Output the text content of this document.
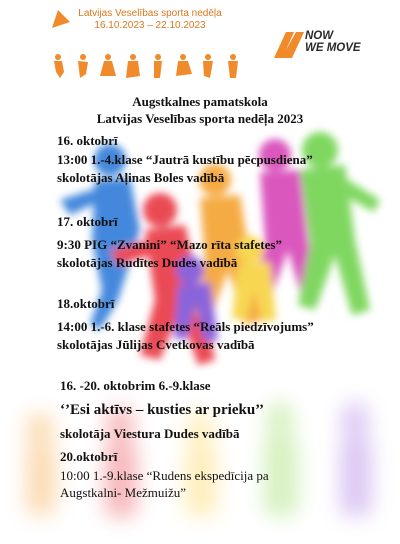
Latvijas Veselības sporta nedēļa
16.10.2023 – 22.10.2023
NOW
WE MOVE
Augstkalnes pamatskola
Latvijas Veselības sporta nedēļa 2023
16. oktobrī
13:00 1.-4.klase “Jautrā kustību pēcpusdiena”
skolotājas Aļinas Boles vadībā
17. oktobrī
9:30 PIG “Zvanini” “Mazo rīta stafetes”
skolotājas Rudītes Dudes vadībā
18.oktobrī
14:00 1.-6. klase stafetes “Reāls piedzīvojums”
skolotājas Jūlijas Cvetkovas vadībā
16. -20. oktobrim 6.-9.klase
‘’Esi aktīvs – kusties ar prieku’’
skolotāja Viestura Dudes vadībā
20.oktobrī
10:00 1.-9.klase “Rudens ekspedīcija pa
Augstkalni- Mežmuižu”
